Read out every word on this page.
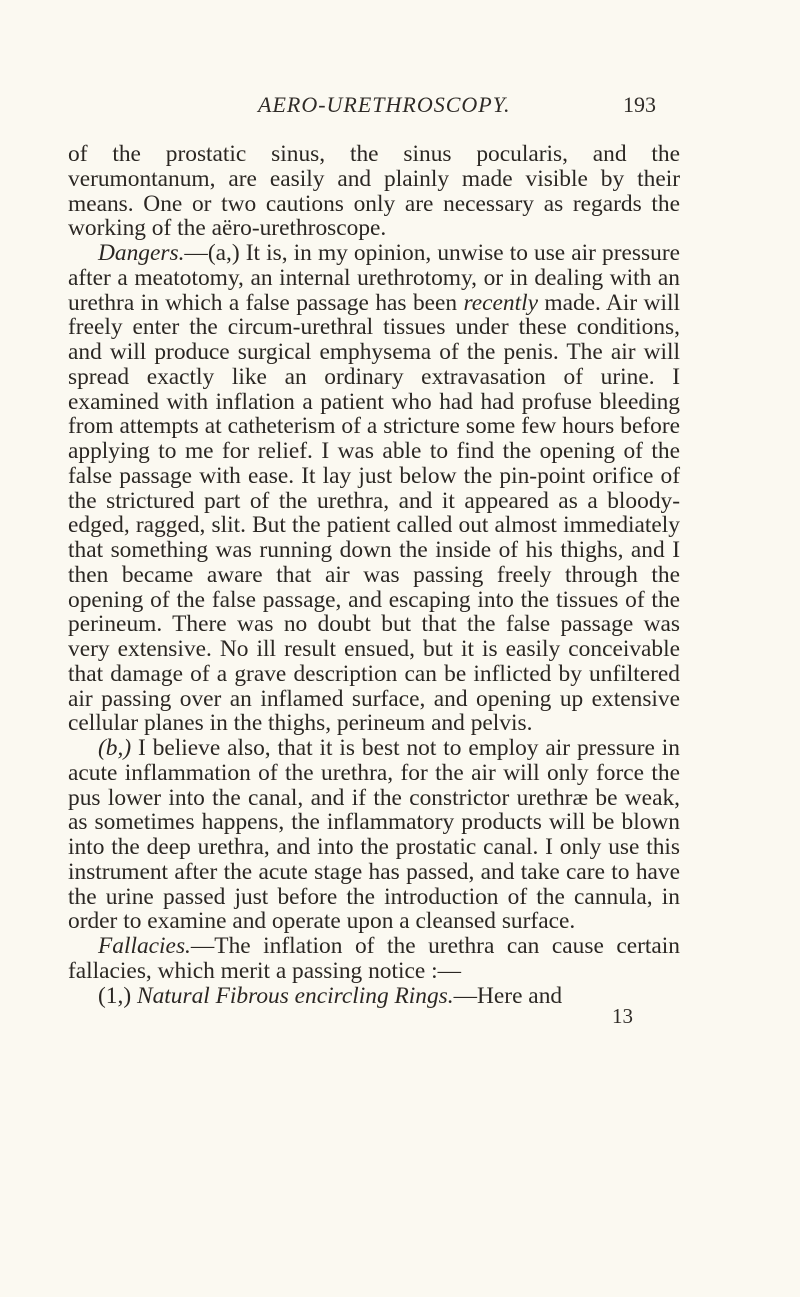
AERO-URETHROSCOPY.	193

of the prostatic sinus, the sinus pocularis, and the verumontanum, are easily and plainly made visible by their means. One or two cautions only are necessary as regards the working of the aëro-urethroscope.

Dangers.—(a,) It is, in my opinion, unwise to use air pressure after a meatotomy, an internal urethrotomy, or in dealing with an urethra in which a false passage has been recently made. Air will freely enter the circum-urethral tissues under these conditions, and will produce surgical emphysema of the penis. The air will spread exactly like an ordinary extravasation of urine. I examined with inflation a patient who had had profuse bleeding from attempts at catheterism of a stricture some few hours before applying to me for relief. I was able to find the opening of the false passage with ease. It lay just below the pin-point orifice of the strictured part of the urethra, and it appeared as a bloody-edged, ragged, slit. But the patient called out almost immediately that something was running down the inside of his thighs, and I then became aware that air was passing freely through the opening of the false passage, and escaping into the tissues of the perineum. There was no doubt but that the false passage was very extensive. No ill result ensued, but it is easily conceivable that damage of a grave description can be inflicted by unfiltered air passing over an inflamed surface, and opening up extensive cellular planes in the thighs, perineum and pelvis.

(b,) I believe also, that it is best not to employ air pressure in acute inflammation of the urethra, for the air will only force the pus lower into the canal, and if the constrictor urethræ be weak, as sometimes happens, the inflammatory products will be blown into the deep urethra, and into the prostatic canal. I only use this instrument after the acute stage has passed, and take care to have the urine passed just before the introduction of the cannula, in order to examine and operate upon a cleansed surface.

Fallacies.—The inflation of the urethra can cause certain fallacies, which merit a passing notice :—

(1,) Natural Fibrous encircling Rings.—Here and

13
